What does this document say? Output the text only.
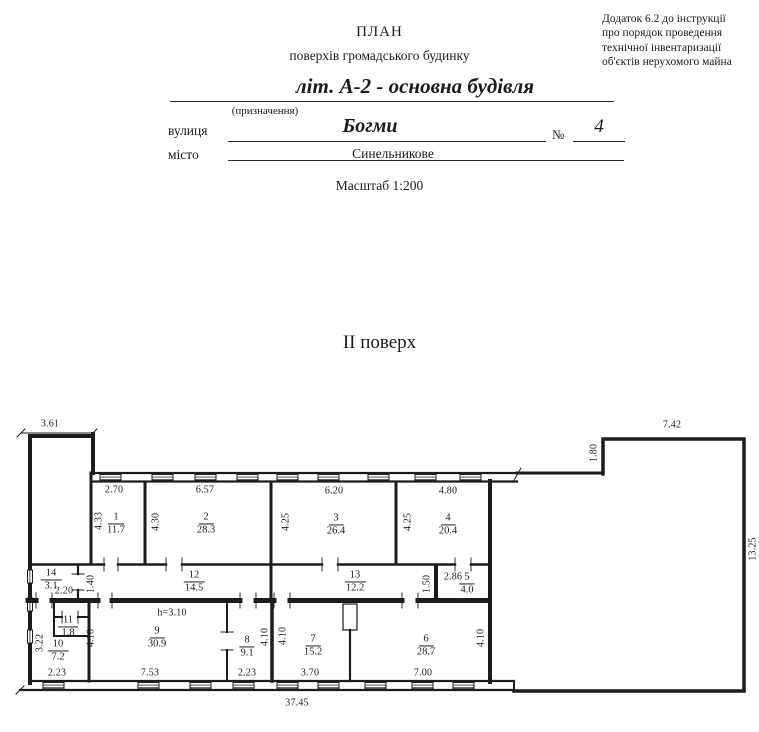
Додаток 6.2 до інструкції
про порядок проведення
технічної інвентаризації
об'єктів нерухомого майна
ПЛАН
поверхів громадського будинку
літ. А-2 - основна будівля
(призначення)
вулиця	Богми	№	4
місто	Синельникове
Масштаб 1:200
ІІ поверх
1
11.7
2
28.3
3
26.4
4
20.4
5
4.0
12
14.5
13
12.2
14
3.1
11
1.8
10
7.2
9
30.9	8
9.1
7
15.2
6
28.7
3.61	7.42
2.70	6.57	6.20	4.80
2.86
2.20
h=3.10
7.53
2.23	2.23	3.70	7.00
37.45
4.33	4.30	4.25	4.25
1.80
13.25
1.40	1.50
3.22	4.10	4.10 4.10	4.10
